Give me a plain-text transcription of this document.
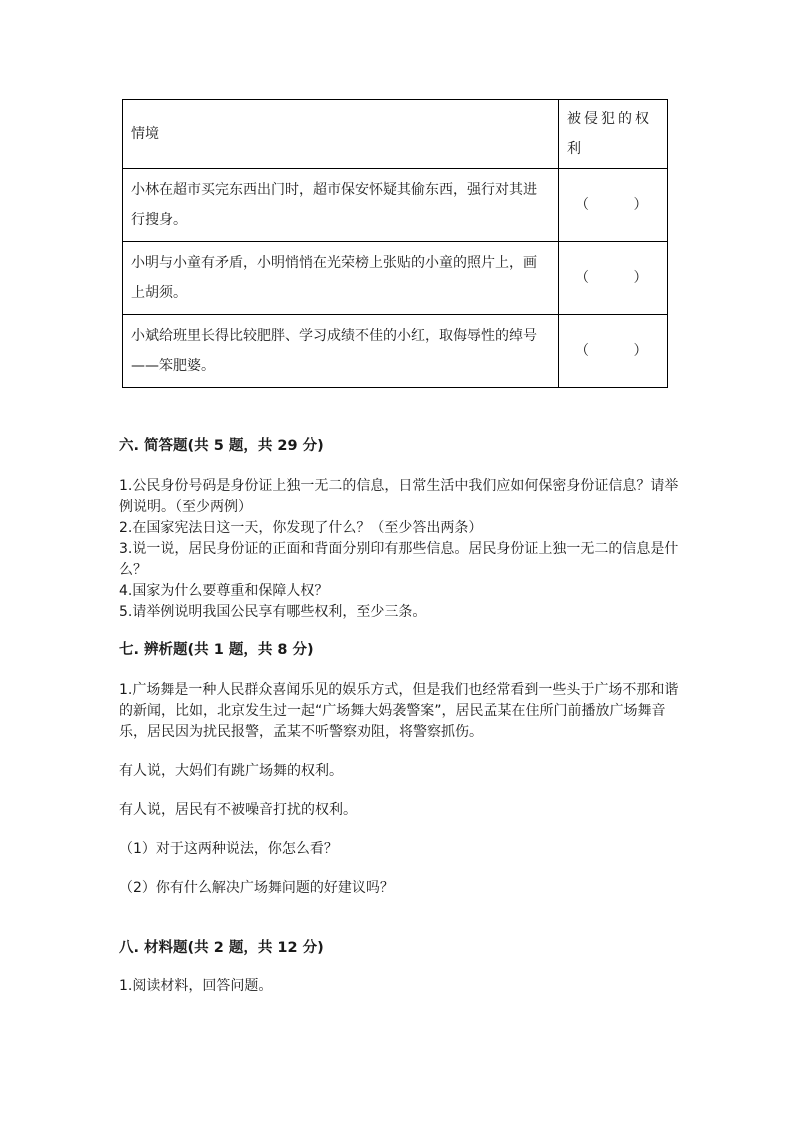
情境	被侵犯的权利
小林在超市买完东西出门时，超市保安怀疑其偷东西，强行对其进行搜身。	（          ）

小明与小童有矛盾，小明悄悄在光荣榜上张贴的小童的照片上，画上胡须。	（          ）

小斌给班里长得比较肥胖、学习成绩不佳的小红，取侮辱性的绰号——笨肥婆。	（          ）
六. 简答题(共 5 题，共 29 分)
1.公民身份号码是身份证上独一无二的信息，日常生活中我们应如何保密身份证信息？请举例说明。（至少两例）
2.在国家宪法日这一天，你发现了什么？（至少答出两条）
3.说一说，居民身份证的正面和背面分别印有那些信息。居民身份证上独一无二的信息是什么？
4.国家为什么要尊重和保障人权？
5.请举例说明我国公民享有哪些权利，至少三条。
七. 辨析题(共 1 题，共 8 分)

1.广场舞是一种人民群众喜闻乐见的娱乐方式，但是我们也经常看到一些头于广场不那和谐的新闻，比如，北京发生过一起“广场舞大妈袭警案”，居民孟某在住所门前播放广场舞音乐，居民因为扰民报警，孟某不听警察劝阻，将警察抓伤。

有人说，大妈们有跳广场舞的权利。

有人说，居民有不被噪音打扰的权利。

（1）对于这两种说法，你怎么看？

（2）你有什么解决广场舞问题的好建议吗？

八. 材料题(共 2 题，共 12 分)

1.阅读材料，回答问题。
